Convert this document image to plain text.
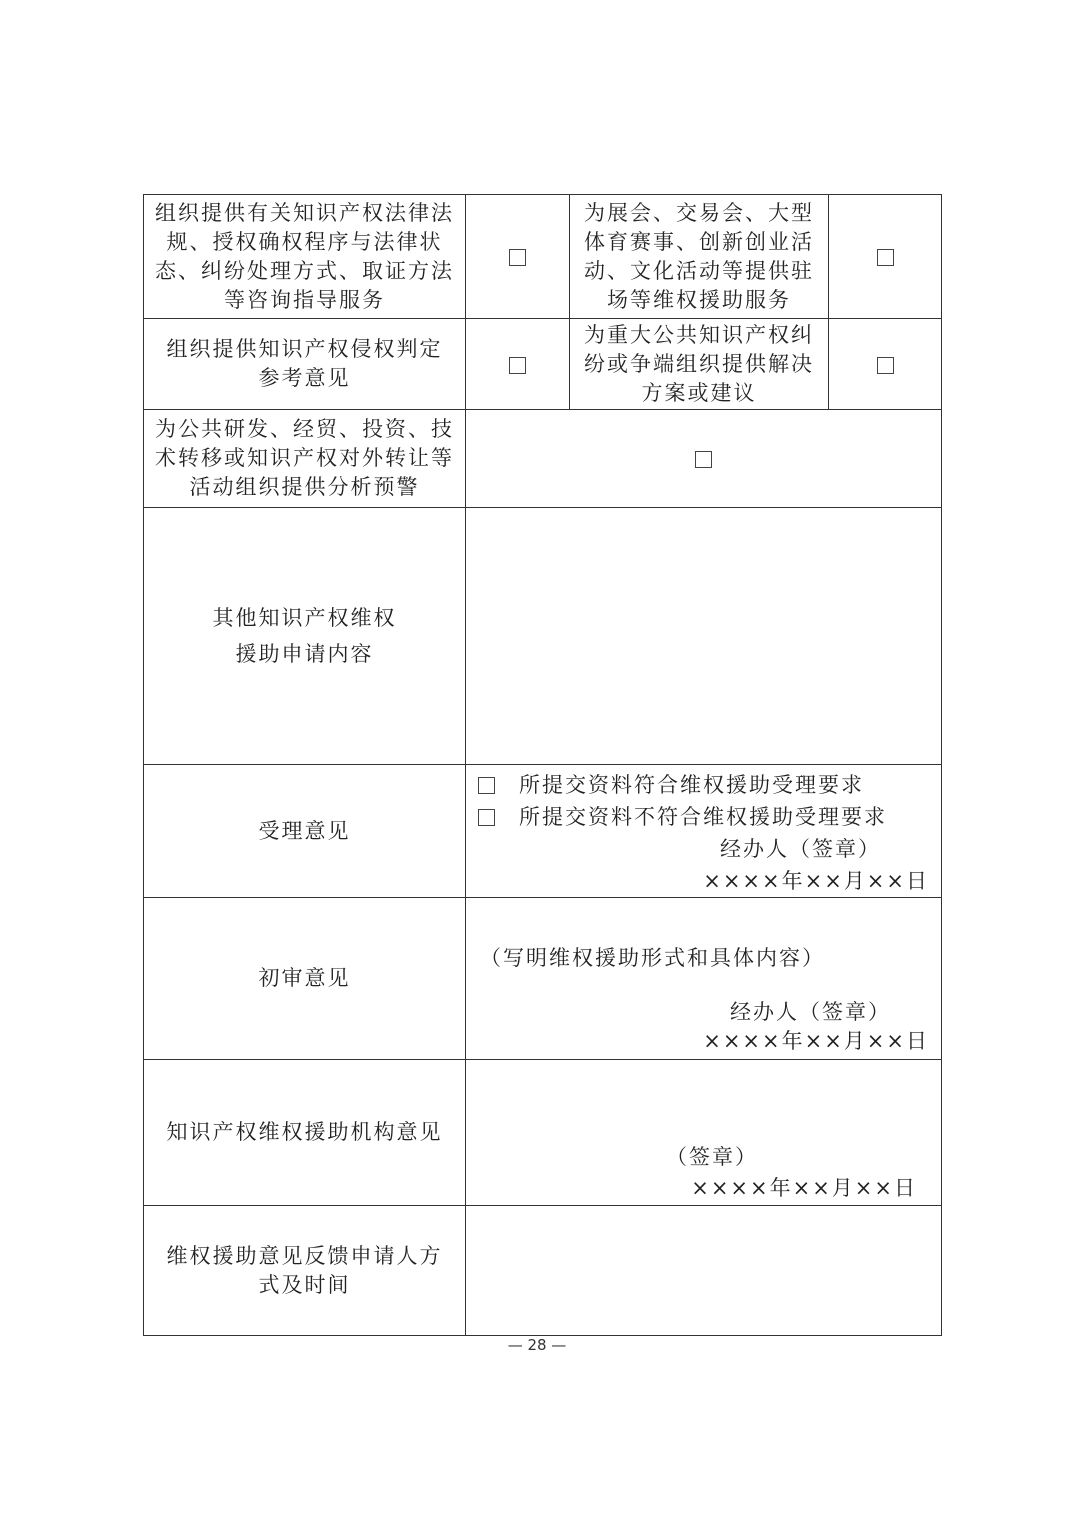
组织提供有关知识产权法律法规、授权确权程序与法律状态、纠纷处理方式、取证方法等咨询指导服务		为展会、交易会、大型体育赛事、创新创业活动、文化活动等提供驻场等维权援助服务	

组织提供知识产权侵权判定参考意见		为重大公共知识产权纠纷或争端组织提供解决方案或建议	

为公共研发、经贸、投资、技术转移或知识产权对外转让等活动组织提供分析预警			

其他知识产权维权
援助申请内容			

受理意见	所提交资料符合维权援助受理要求
所提交资料不符合维权援助受理要求
经办人（签章）
××××年××月××日		

初审意见	（写明维权援助形式和具体内容）
经办人（签章）
××××年××月××日		

知识产权维权援助机构意见	（签章）
××××年××月××日		

维权援助意见反馈申请人方式及时间			

— 28 —
